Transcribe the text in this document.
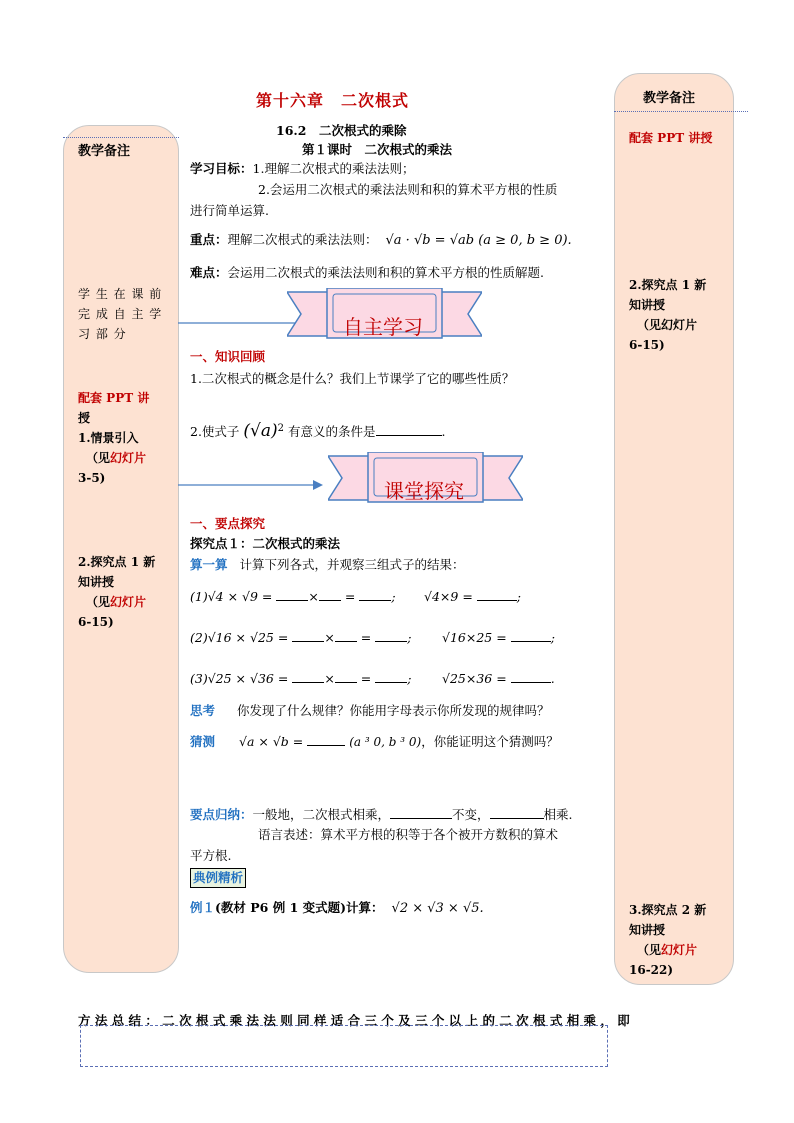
教学备注
学 生 在 课 前
完 成 自 主 学
习 部 分
配套 PPT 讲
授
1.情景引入
（见幻灯片
3-5)
2.探究点 1 新
知讲授
（见幻灯片
6-15)
教学备注
配套 PPT 讲授
2.探究点 1 新
知讲授
（见幻灯片
6-15)
3.探究点 2 新
知讲授
（见幻灯片
16-22)
第十六章　二次根式
16.2　二次根式的乘除
第１课时　二次根式的乘法
学习目标：1.理解二次根式的乘法法则；
2.会运用二次根式的乘法法则和积的算术平方根的性质
进行简单运算.
重点：理解二次根式的乘法法则： √a · √b = √ab (a ≥ 0, b ≥ 0).
难点：会运用二次根式的乘法法则和积的算术平方根的性质解题.
自主学习
一、知识回顾
1.二次根式的概念是什么？我们上节课学了它的哪些性质？
2.使式子 $(√a)^2$ 有意义的条件是	.
课堂探究
一、要点探究
探究点１：二次根式的乘法
算一算 计算下列各式，并观察三组式子的结果：
(1)√4 × √9 =	× =	; √4×9 =	;
(2)√16 × √25 =	× =	; √16×25 =	;
(3)√25 × √36 =	× =	; √25×36 =	.
思考 你发现了什么规律？你能用字母表示你所发现的规律吗？
猜测 √a × √b =	(a ³ 0, b ³ 0)，你能证明这个猜测吗？
要点归纳：一般地，二次根式相乘，	不变，	相乘.
语言表述：算术平方根的积等于各个被开方数积的算术
平方根.
典例精析
例１(教材 P6 例 1 变式题)计算： √2 × √3 × √5.
方 法 总 结 ： 二 次 根 式 乘 法 法 则 同 样 适 合 三 个 及 三 个 以 上 的 二 次 根 式 相 乘 ， 即
